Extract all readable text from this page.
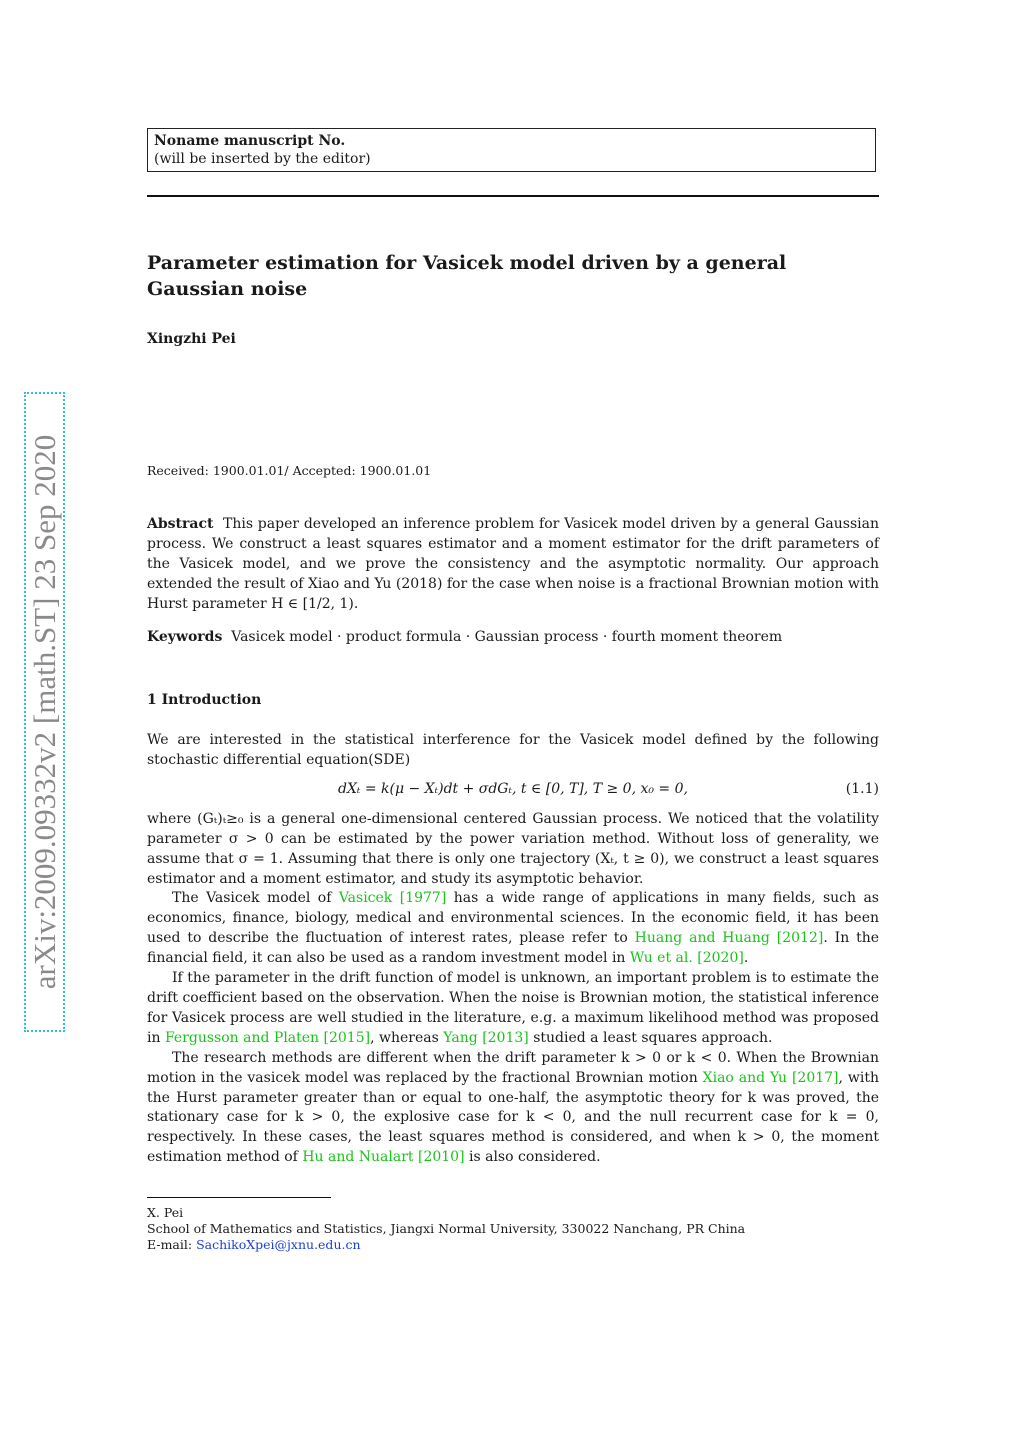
Noname manuscript No.
(will be inserted by the editor)
Parameter estimation for Vasicek model driven by a general Gaussian noise
Xingzhi Pei
Received: 1900.01.01/ Accepted: 1900.01.01
Abstract This paper developed an inference problem for Vasicek model driven by a general Gaussian process. We construct a least squares estimator and a moment estimator for the drift parameters of the Vasicek model, and we prove the consistency and the asymptotic normality. Our approach extended the result of Xiao and Yu (2018) for the case when noise is a fractional Brownian motion with Hurst parameter H ∈ [1/2, 1).
Keywords Vasicek model · product formula · Gaussian process · fourth moment theorem
1 Introduction

We are interested in the statistical interference for the Vasicek model defined by the following stochastic differential equation(SDE)

dXₜ = k(μ − Xₜ)dt + σdGₜ, t ∈ [0, T], T ≥ 0, x₀ = 0,	(1.1)

where (Gₜ)ₜ≥₀ is a general one-dimensional centered Gaussian process. We noticed that the volatility parameter σ > 0 can be estimated by the power variation method. Without loss of generality, we assume that σ = 1. Assuming that there is only one trajectory (Xₜ, t ≥ 0), we construct a least squares estimator and a moment estimator, and study its asymptotic behavior.

The Vasicek model of Vasicek [1977] has a wide range of applications in many fields, such as economics, finance, biology, medical and environmental sciences. In the economic field, it has been used to describe the fluctuation of interest rates, please refer to Huang and Huang [2012]. In the financial field, it can also be used as a random investment model in Wu et al. [2020].

If the parameter in the drift function of model is unknown, an important problem is to estimate the drift coefficient based on the observation. When the noise is Brownian motion, the statistical inference for Vasicek process are well studied in the literature, e.g. a maximum likelihood method was proposed in Fergusson and Platen [2015], whereas Yang [2013] studied a least squares approach.

The research methods are different when the drift parameter k > 0 or k < 0. When the Brownian motion in the vasicek model was replaced by the fractional Brownian motion Xiao and Yu [2017], with the Hurst parameter greater than or equal to one-half, the asymptotic theory for k was proved, the stationary case for k > 0, the explosive case for k < 0, and the null recurrent case for k = 0, respectively. In these cases, the least squares method is considered, and when k > 0, the moment estimation method of Hu and Nualart [2010] is also considered.

X. Pei
School of Mathematics and Statistics, Jiangxi Normal University, 330022 Nanchang, PR China
E-mail: SachikoXpei@jxnu.edu.cn
arXiv:2009.09332v2 [math.ST] 23 Sep 2020
